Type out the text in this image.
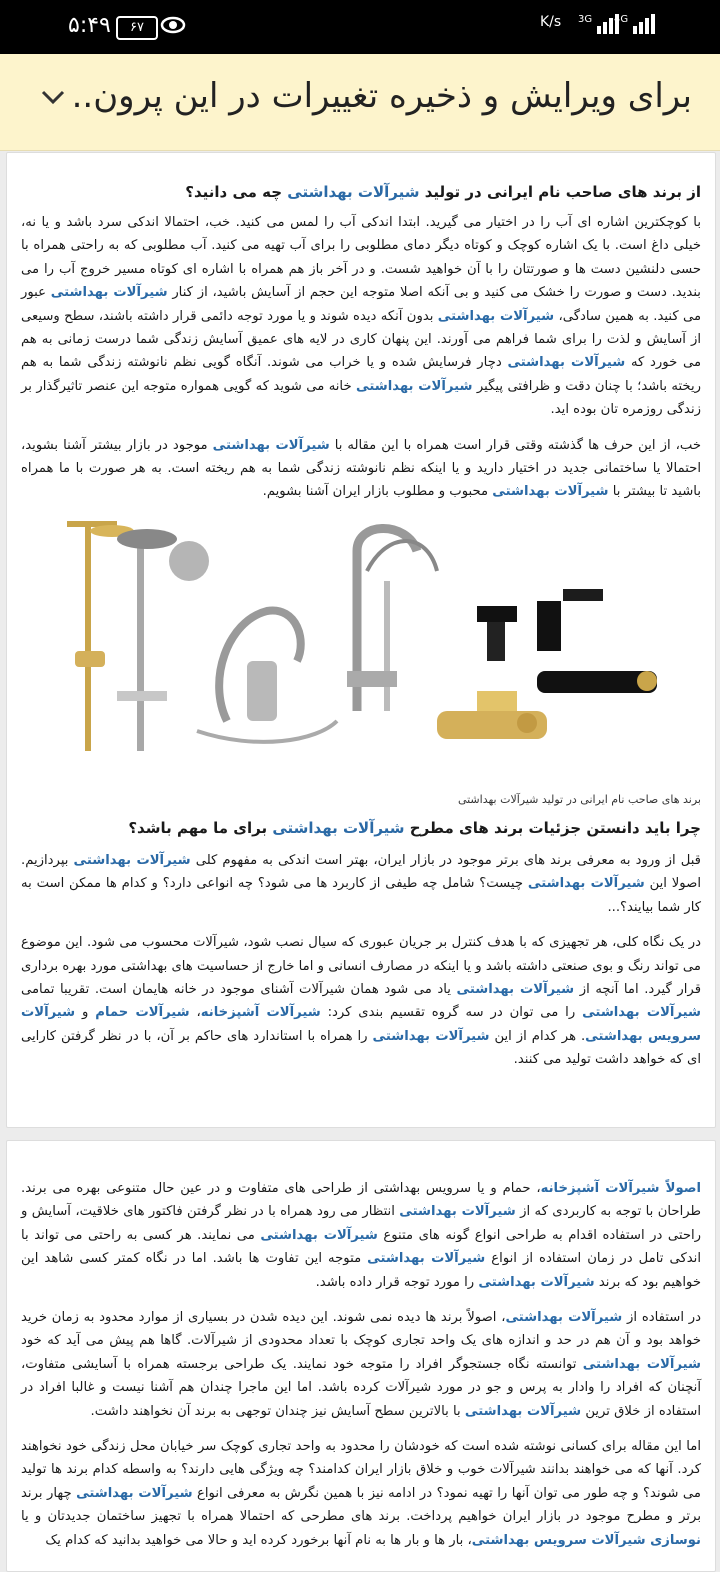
۵:۴۹	۶۷	K/s $^{3G}$	$^{4G}$
برای ویرایش و ذخیره تغییرات در این پرون..
از برند های صاحب نام ایرانی در تولید شیرآلات بهداشتی چه می دانید؟

با کوچکترین اشاره ای آب را در اختیار می گیرید. ابتدا اندکی آب را لمس می کنید. خب، احتمالا اندکی سرد باشد و یا نه، خیلی داغ است. با یک اشاره کوچک و کوتاه دیگر دمای مطلوبی را برای آب تهیه می کنید. آب مطلوبی که به راحتی همراه با حسی دلنشین دست ها و صورتتان را با آن خواهید شست. و در آخر باز هم همراه با اشاره ای کوتاه مسیر خروج آب را می بندید. دست و صورت را خشک می کنید و بی آنکه اصلا متوجه این حجم از آسایش باشید، از کنار شیرآلات بهداشتی عبور می کنید. به همین سادگی، شیرآلات بهداشتی بدون آنکه دیده شوند و یا مورد توجه دائمی قرار داشته باشند، سطح وسیعی از آسایش و لذت را برای شما فراهم می آورند. این پنهان کاری در لایه های عمیق آسایش زندگی شما درست زمانی به هم می خورد که شیرآلات بهداشتی دچار فرسایش شده و یا خراب می شوند. آنگاه گویی نظم نانوشته زندگی شما به هم ریخته باشد؛ با چنان دقت و ظرافتی پیگیر شیرآلات بهداشتی خانه می شوید که گویی همواره متوجه این عنصر تاثیرگذار بر زندگی روزمره تان بوده اید.

خب، از این حرف ها گذشته وقتی قرار است همراه با این مقاله با شیرآلات بهداشتی موجود در بازار بیشتر آشنا بشوید، احتمالا یا ساختمانی جدید در اختیار دارید و یا اینکه نظم نانوشته زندگی شما به هم ریخته است. به هر صورت با ما همراه باشید تا بیشتر با شیرآلات بهداشتی محبوب و مطلوب بازار ایران آشنا بشویم.

برند های صاحب نام ایرانی در تولید شیرآلات بهداشتی
چرا باید دانستن جزئیات برند های مطرح شیرآلات بهداشتی برای ما مهم باشد؟

قبل از ورود به معرفی برند های برتر موجود در بازار ایران، بهتر است اندکی به مفهوم کلی شیرآلات بهداشتی بپردازیم. اصولا این شیرآلات بهداشتی چیست؟ شامل چه طیفی از کاربرد ها می شود؟ چه انواعی دارد؟ و کدام ها ممکن است به کار شما بیایند؟...

در یک نگاه کلی، هر تجهیزی که با هدف کنترل بر جریان عبوری که سیال نصب شود، شیرآلات محسوب می شود. این موضوع می تواند رنگ و بوی صنعتی داشته باشد و یا اینکه در مصارف انسانی و اما خارج از حساسیت های بهداشتی مورد بهره برداری قرار گیرد. اما آنچه از شیرآلات بهداشتی یاد می شود همان شیرآلات آشنای موجود در خانه هایمان است. تقریبا تمامی شیرآلات بهداشتی را می توان در سه گروه تقسیم بندی کرد: شیرآلات آشپزخانه، شیرآلات حمام و شیرآلات سرویس بهداشتی. هر کدام از این شیرآلات بهداشتی را همراه با استاندارد های حاکم بر آن، با در نظر گرفتن کارایی ای که خواهد داشت تولید می کنند.

اصولاً شیرآلات آشپزخانه، حمام و یا سرویس بهداشتی از طراحی های متفاوت و در عین حال متنوعی بهره می برند. طراحان با توجه به کاربردی که از شیرآلات بهداشتی انتظار می رود همراه با در نظر گرفتن فاکتور های خلاقیت، آسایش و راحتی در استفاده اقدام به طراحی انواع گونه های متنوع شیرآلات بهداشتی می نمایند. هر کسی به راحتی می تواند با اندکی تامل در زمان استفاده از انواع شیرآلات بهداشتی متوجه این تفاوت ها باشد. اما در نگاه کمتر کسی شاهد این خواهیم بود که برند شیرآلات بهداشتی را مورد توجه قرار داده باشد.

در استفاده از شیرآلات بهداشتی، اصولاً برند ها دیده نمی شوند. این دیده شدن در بسیاری از موارد محدود به زمان خرید خواهد بود و آن هم در حد و اندازه های یک واحد تجاری کوچک با تعداد محدودی از شیرآلات. گاها هم پیش می آید که خود شیرآلات بهداشتی توانسته نگاه جستجوگر افراد را متوجه خود نمایند. یک طراحی برجسته همراه با آسایشی متفاوت، آنچنان که افراد را وادار به پرس و جو در مورد شیرآلات کرده باشد. اما این ماجرا چندان هم آشنا نیست و غالبا افراد در استفاده از خلاق ترین شیرآلات بهداشتی با بالاترین سطح آسایش نیز چندان توجهی به برند آن نخواهند داشت.

اما این مقاله برای کسانی نوشته شده است که خودشان را محدود به واحد تجاری کوچک سر خیابان محل زندگی خود نخواهند کرد. آنها که می خواهند بدانند شیرآلات خوب و خلاق بازار ایران کدامند؟ چه ویژگی هایی دارند؟ به واسطه کدام برند ها تولید می شوند؟ و چه طور می توان آنها را تهیه نمود؟ در ادامه نیز با همین نگرش به معرفی انواع شیرآلات بهداشتی چهار برند برتر و مطرح موجود در بازار ایران خواهیم پرداخت. برند های مطرحی که احتمالا همراه با تجهیز ساختمان جدیدتان و یا نوسازی شیرآلات سرویس بهداشتی، بار ها و بار ها به نام آنها برخورد کرده اید و حالا می خواهید بدانید که کدام یک
